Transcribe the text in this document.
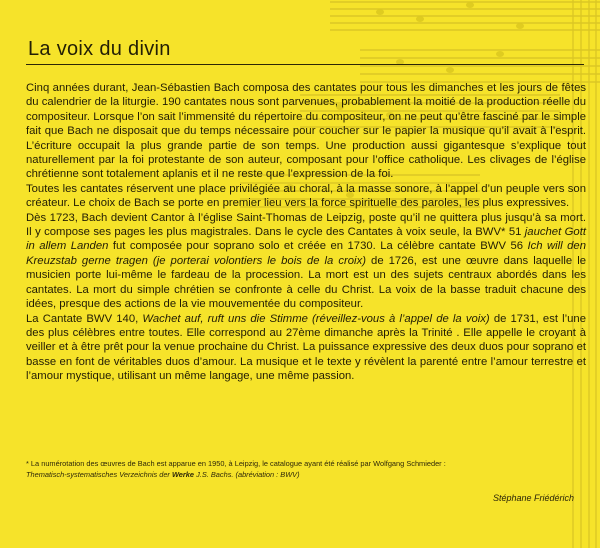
La voix du divin

Cinq années durant, Jean-Sébastien Bach composa des cantates pour tous les dimanches et les jours de fêtes du calendrier de la liturgie. 190 cantates nous sont parvenues, probablement la moitié de la production réelle du compositeur. Lorsque l’on sait l’immensité du répertoire du compositeur, on ne peut qu’être fasciné par le simple fait que Bach ne disposait que du temps nécessaire pour coucher sur le papier la musique qu’il avait à l’esprit. L’écriture occupait la plus grande partie de son temps. Une production aussi gigantesque s’explique tout naturellement par la foi protestante de son auteur, composant pour l’office catholique. Les clivages de l’église chrétienne sont totalement aplanis et il ne reste que l’expression de la foi.

Toutes les cantates réservent une place privilégiée au choral, à la masse sonore, à l’appel d’un peuple vers son créateur. Le choix de Bach se porte en premier lieu vers la force spirituelle des paroles, les plus expressives.

Dès 1723, Bach devient Cantor à l’église Saint-Thomas de Leipzig, poste qu’il ne quittera plus jusqu’à sa mort. Il y compose ses pages les plus magistrales. Dans le cycle des Cantates à voix seule, la BWV* 51 jauchet Gott in allem Landen fut composée pour soprano solo et créée en 1730. La célèbre cantate BWV 56 Ich will den Kreuzstab gerne tragen (je porterai volontiers le bois de la croix) de 1726, est une œuvre dans laquelle le musicien porte lui-même le fardeau de la procession. La mort est un des sujets centraux abordés dans les cantates. La mort du simple chrétien se confronte à celle du Christ. La voix de la basse traduit chacune des idées, presque des actions de la vie mouvementée du compositeur.

La Cantate BWV 140, Wachet auf, ruft uns die Stimme (réveillez-vous à l’appel de la voix) de 1731, est l’une des plus célèbres entre toutes. Elle correspond au 27ème dimanche après la Trinité . Elle appelle le croyant à veiller et à être prêt pour la venue prochaine du Christ. La puissance expressive des deux duos pour soprano et basse en font de véritables duos d’amour. La musique et le texte y révèlent la parenté entre l’amour terrestre et l’amour mystique, utilisant un même langage, une même passion.

* La numérotation des œuvres de Bach est apparue en 1950, à Leipzig, le catalogue ayant été réalisé par Wolfgang Schmieder :

Thematisch-systematisches Verzeichnis der Werke J.S. Bachs. (abréviation : BWV)

Stéphane Friédérich
